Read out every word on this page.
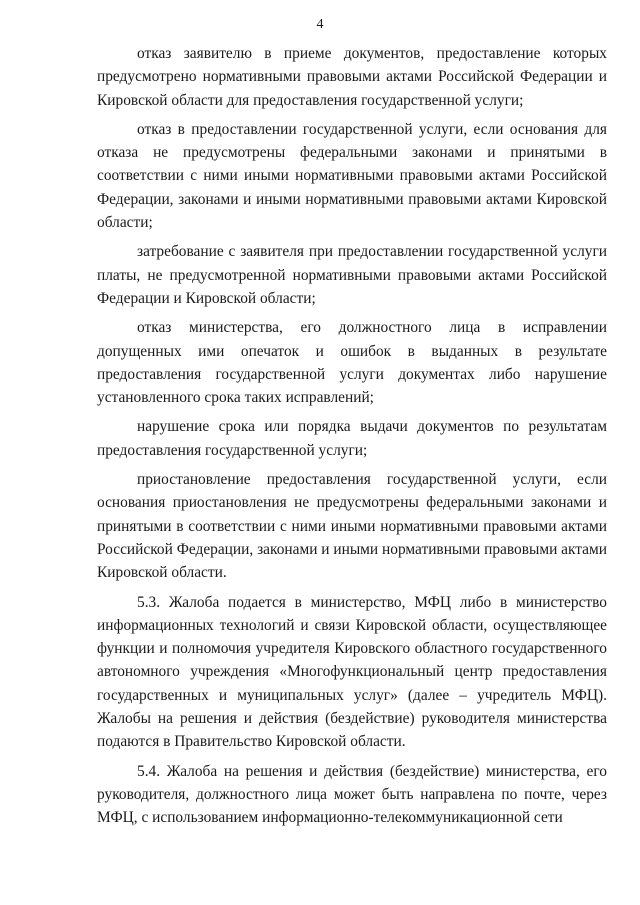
4

отказ заявителю в приеме документов, предоставление которых предусмотрено нормативными правовыми актами Российской Федерации и Кировской области для предоставления государственной услуги;

отказ в предоставлении государственной услуги, если основания для отказа не предусмотрены федеральными законами и принятыми в соответствии с ними иными нормативными правовыми актами Российской Федерации, законами и иными нормативными правовыми актами Кировской области;

затребование с заявителя при предоставлении государственной услуги платы, не предусмотренной нормативными правовыми актами Российской Федерации и Кировской области;

отказ министерства, его должностного лица в исправлении допущенных ими опечаток и ошибок в выданных в результате предоставления государственной услуги документах либо нарушение установленного срока таких исправлений;

нарушение срока или порядка выдачи документов по результатам предоставления государственной услуги;

приостановление предоставления государственной услуги, если основания приостановления не предусмотрены федеральными законами и принятыми в соответствии с ними иными нормативными правовыми актами Российской Федерации, законами и иными нормативными правовыми актами Кировской области.

5.3. Жалоба подается в министерство, МФЦ либо в министерство информационных технологий и связи Кировской области, осуществляющее функции и полномочия учредителя Кировского областного государственного автономного учреждения «Многофункциональный центр предоставления государственных и муниципальных услуг» (далее – учредитель МФЦ). Жалобы на решения и действия (бездействие) руководителя министерства подаются в Правительство Кировской области.

5.4. Жалоба на решения и действия (бездействие) министерства, его руководителя, должностного лица может быть направлена по почте, через МФЦ, с использованием информационно-телекоммуникационной сети
